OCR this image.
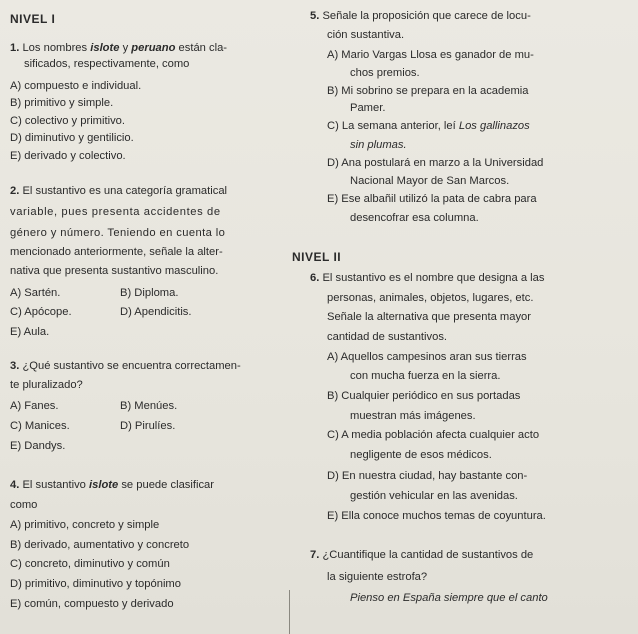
NIVEL I
1. Los nombres islote y peruano están cla-
sificados, respectivamente, como
A) compuesto e individual.
B) primitivo y simple.
C) colectivo y primitivo.
D) diminutivo y gentilicio.
E) derivado y colectivo.
2. El sustantivo es una categoría gramatical
variable, pues presenta accidentes de
género y número. Teniendo en cuenta lo
mencionado anteriormente, señale la alter-
nativa que presenta sustantivo masculino.
A) Sartén.	B) Diploma.
C) Apócope.	D) Apendicitis.
E) Aula.
3. ¿Qué sustantivo se encuentra correctamen-
te pluralizado?
A) Fanes.	B) Menúes.
C) Manices.	D) Pirulíes.
E) Dandys.
4. El sustantivo islote se puede clasificar
como
A) primitivo, concreto y simple
B) derivado, aumentativo y concreto
C) concreto, diminutivo y común
D) primitivo, diminutivo y topónimo
E) común, compuesto y derivado
5. Señale la proposición que carece de locu-
ción sustantiva.
A) Mario Vargas Llosa es ganador de mu-
chos premios.
B) Mi sobrino se prepara en la academia
Pamer.
C) La semana anterior, leí Los gallinazos
sin plumas.
D) Ana postulará en marzo a la Universidad
Nacional Mayor de San Marcos.
E) Ese albañil utilizó la pata de cabra para
desencofrar esa columna.
NIVEL II
6. El sustantivo es el nombre que designa a las
personas, animales, objetos, lugares, etc.
Señale la alternativa que presenta mayor
cantidad de sustantivos.
A) Aquellos campesinos aran sus tierras
con mucha fuerza en la sierra.
B) Cualquier periódico en sus portadas
muestran más imágenes.
C) A media población afecta cualquier acto
negligente de esos médicos.
D) En nuestra ciudad, hay bastante con-
gestión vehicular en las avenidas.
E) Ella conoce muchos temas de coyuntura.
7. ¿Cuantifique la cantidad de sustantivos de
la siguiente estrofa?
Pienso en España siempre que el canto
